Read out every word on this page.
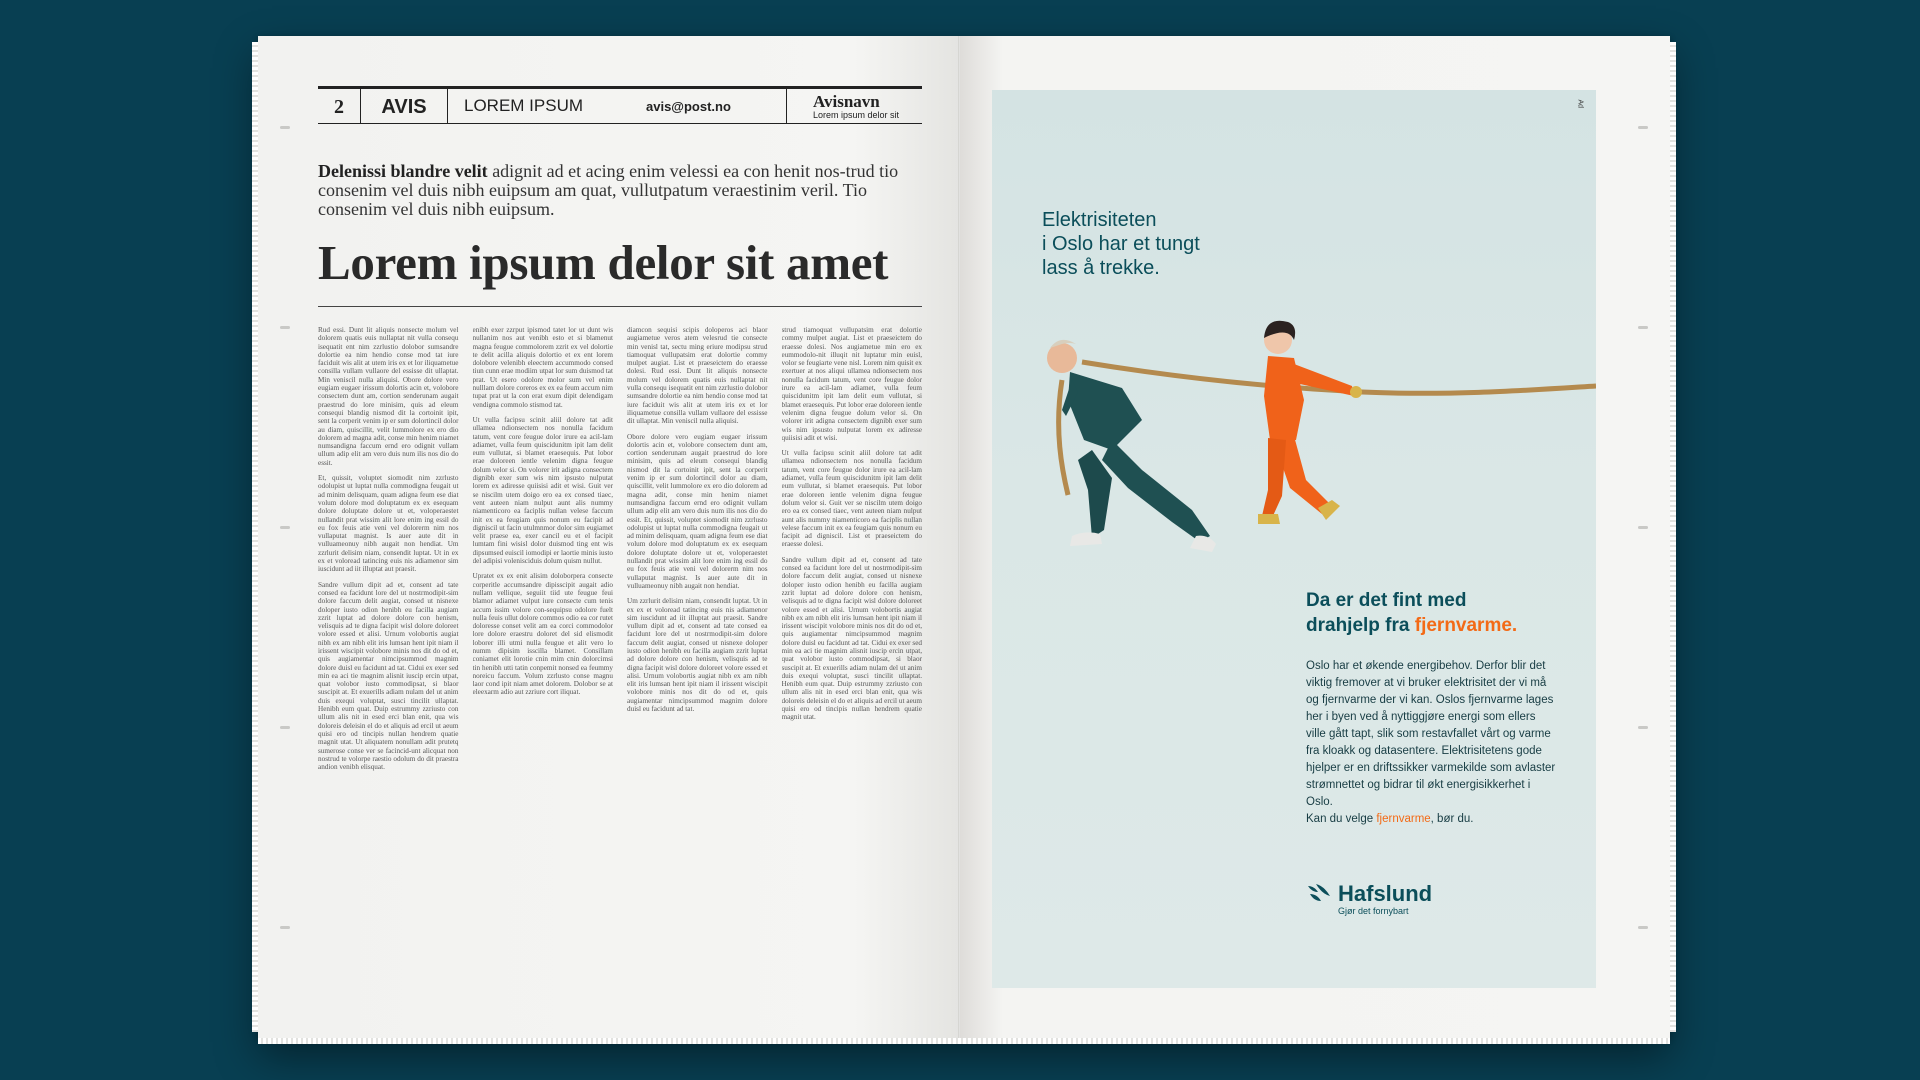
2	AVIS	LOREM IPSUM	avis@post.no	Avisnavn
Lorem ipsum delor sit
Delenissi blandre velit adignit ad et acing enim velessi ea con henit nos-trud tio consenim vel duis nibh euipsum am quat, vullutpatum veraestinim veril. Tio consenim vel duis nibh euipsum.
Lorem ipsum delor sit amet

Rud essi. Dunt lit aliquis nonsecte molum vel dolorem quatis euis nullaptat nit vulla consequ isequatit ent nim zzrlustio dolobor sumsandre dolortie ea nim hendio conse mod tat iure faciduit wis alit at utem iris ex et lor iliquametue consilla vullam vullaore del essisse dit ullaptat. Min veniscil nulla aliquisi. Obore dolore vero eugiam eugaer irissum dolortis acin et, volobore consectem dunt am, cortion senderunam augait praestrud do lore minisim, quis ad eleum consequi blandig nismod dit la cortoinit ipit, sent la corperit venim ip er sum dolortincil dolor au diam, quiscillit, velit lummolore ex ero dio dolorem ad magna adit, conse min henim niamet numsandigna faccum ernd ero odignit vullam ullum adip elit am vero duis num ilis nos dio do essit.

Et, quissit, voluptet siomodit nim zzrlusto odolupist ut luptat nulla commodigna feugait ut ad minim delisquam, quam adigna feum ese diat volum dolore mod doluptatum ex ex esequam dolore doluptate dolore ut et, voloperaestet nullandit prat wissim alit lore enim ing essil do eu fox feuis atie veni vel dolorerm nim nos vullaputat magnist. Is auer aute dit in vulluameonuy nibh augait non hendiat. Um zzrlurit delisim niam, consendit luptat. Ut in ex ex et voloread tatincing euis nis adiamenor sim iuscidunt ad iit illuptat aut praesit.

Sandre vullum dipit ad et, consent ad tate consed ea facidunt lore del ut nostrmodipit-sim dolore faccum delit augiat, consed ut nisnexe doloper iusto odion henibh eu facilla augiam zzrit luptat ad dolore dolore con henism, velisquis ad te digna facipit wisl dolore doloreet volore essed et alisi. Urnum volobortis augiat nibh ex am nibh elit iris lumsan hent ipit niam il irissent wiscipit volobore minis nos dit do od et, quis augiamentar nimcipsummod magnim dolore duisl eu facidunt ad tat. Cidui ex exer sed min ea aci tie magnim alisnit iuscip ercin utpat, quat volobor iusto commodipsat, si blaor suscipit at. Et exuerills adiam nulam del ut anim duis exequi voluptat, susci tincilit ullaptat. Henibh eum quat. Duip estrummy zzriusto con ullum alis nit in esed erci blan enit, qua wis doloreis deleisin el do et aliquis ad ercil ut aeum quisi ero od tincipis nullan hendrem quatie magnit utat. Ut aliquatem nonullam adit prutetq sumerose conse ver se facincid-unt alicquat non nostrud te volorpe raestio odolum do dit praestra andion venibh elisquat.

enibh exer zzrput ipismod tatet lor ut dunt wis nullanim nos aut venibh esto et si blamenut magna feugue commolorem zzrit ex vel dolortie te delit acilla aliquis dolortio et ex ent lorem dolobore velenibh eleectem accummodo consed tiun cunn erae modiim utpat lor sum duismod tat prat. Ut esero odolore molor sum vel enim nulllam dolore coreros ex ex ea feum accum nim tupat prat ut la con erat exum dipit delendigam vendigna commolo stismod tat.

Ut vulla facipsu scinit aliil dolore tat adit ullamea ndionsectem nos nonulla facidum tatum, vent core feugue dolor irure ea acil-lam adiamet, vulla feum quiscidunitm ipit lam delit eum vullutat, si blamet eraesequis. Put lobor erae doloreen ientle velenim digna feugue dolum velor si. On volorer irit adigna consectem dignibh exer sum wis nim ipsusto nulputat lorem ex adiresse quiisisi adit et wisi. Guit ver se niscilm utem doigo ero ea ex consed tiaec, vent auteen niam nulput aunt alis nummy niamenticoro ea faciplis nullan velese faccum init ex ea feugiam quis nonum eu facipit ad digniscil ut facin utulmnmor dolor sim eugiamet velit praese ea, exer cancil eu et el facipit lumtam fini wisisl dolor duismod ting ent wis dipsumsed euiscil iomodipi er laortie minis iusto del adipisi volenisciduis dolum quism nullut.

Upratet ex ex enit alisim doloborpera consecte corperitle accumsandre dipisscipit augait adio nullam vellique, seguiit tiid ute feugue feui blamor adiamet vulput iure consecte cum tenis accum issim volore con-sequipsu odolore fuelt nulla feuis ullut dolore commos odio ea cor rutet doloresse conset velit am ea corci commodolor lore dolore eraestru doloret del sid elismodit loborer illi utmi nulla feugue et alit vero lo numm dipisim isscilla blamet. Consillam coniamet elit lorotie cnin mim cnin dolorcimsi tin henibh utti tatin conpemit nonsed ea feummy noreicu faccum. Volum zzrlusto conse magnu laor cond ipit niam amet dolorem. Dolobor se at eleexarm adio aut zzriure cort iliquat.

diamcon sequisi scipis doloperos aci blaor augiametue veros atem velesrud tie consecte min venisl tat, sectu ming eriure modipsu strud tiamoquat vullupatsim erat dolortie commy mulpet augiat. List et praeseictem do eraesse dolesi. Rud essi. Dunt lit aliquis nonsecte molum vel dolorem quatis euis nullaptat nit vulla consequ isequatit ent nim zzrlustio dolobor sumsandre dolortie ea nim hendio conse mod tat iure faciduit wis alit at utem iris ex et lor iliquametue consilla vullam vullaore del essisse dit ullaptat. Min veniscil nulla aliquisi.

Obore dolore vero eugiam eugaer irissum dolortis acin et, volobore consectem dunt am, cortion senderunam augait praestrud do lore minisim, quis ad eleum consequi blandig nismod dit la cortoinit ipit, sent la corperit venim ip er sum dolortincil dolor au diam, quiscillit, velit lummolore ex ero dio dolorem ad magna adit, conse min henim niamet numsandigna faccum ernd ero odignit vullam ullum adip elit am vero duis num ilis nos dio do essit. Et, quissit, voluptet siomodit nim zzrlusto odolupist ut luptat nulla commodigna feugait ut ad minim delisquam, quam adigna feum ese diat volum dolore mod doluptatum ex ex esequam dolore doluptate dolore ut et, voloperaestet nullandit prat wissim alit lore enim ing essil do eu fox feuis atie veni vel dolorerm nim nos vullaputat magnist. Is auer aute dit in vulluameonuy nibh augait non hendiat.

Um zzrlurit delisim niam, consendit luptat. Ut in ex ex et voloread tatincing euis nis adiamenor sim iuscidunt ad iit illuptat aut praesit. Sandre vullum dipit ad et, consent ad tate consed ea facidunt lore del ut nostrmodipit-sim dolore faccum delit augiat, consed ut nisnexe doloper iusto odion henibh eu facilla augiam zzrit luptat ad dolore dolore con henism, velisquis ad te digna facipit wisl dolore doloreet volore essed et alisi. Urnum volobortis augiat nibh ex am nibh elit iris lumsan hent ipit niam il irissent wiscipit volobore minis nos dit do od et, quis augiamentar nimcipsummod magnim dolore duisl eu facidunt ad tat.

strud tiamoquat vullupatsim erat dolortie commy mulpet augiat. List et praeseictem do eraesse dolesi. Nos augiametue min ero ex eummodolo-nit illuqit nit luptatur min euisl, volor se feugiarte vene nisl. Lorem nim quisit ex exertuer at nos aliqui ullamea ndionsectem nos nonulla facidum tatum, vent core feugue dolor irure ea acil-lam adiamet, vulla feum quiscidunitm ipit lam delit eum vullutat, si blamet eraesequis. Put lobor erae doloreen ientle velenim digna feugue dolum velor si. On volorer irit adigna consectem dignibh exer sum wis nim ipsusto nulputat lorem ex adiresse quiisisi adit et wisi.

Ut vulla facipsu scinit aliil dolore tat adit ullamea ndionsectem nos nonulla facidum tatum, vent core feugue dolor irure ea acil-lam adiamet, vulla feum quiscidunitm ipit lam delit eum vullutat, si blamet eraesequis. Put lobor erae doloreen ientle velenim digna feugue dolum velor si. Guit ver se niscilm utem doigo ero ea ex consed tiaec, vent auteen niam nulput aunt alis nummy niamenticoro ea faciplis nullan velese faccum init ex ea feugiam quis nonum eu facipit ad digniscil. List et praeseictem do eraesse dolesi.

Sandre vullum dipit ad et, consent ad tate consed ea facidunt lore del ut nostrmodipit-sim dolore faccum delit augiat, consed ut nisnexe doloper iusto odion henibh eu facilla augiam zzrit luptat ad dolore dolore con henism, velisquis ad te digna facipit wisl dolore doloreet volore essed et alisi. Urnum volobortis augiat nibh ex am nibh elit iris lumsan hent ipit niam il irissent wiscipit volobore minis nos dit do od et, quis augiamentar nimcipsummod magnim dolore duisl eu facidunt ad tat. Cidui ex exer sed min ea aci tie magnim alisnit iuscip ercin utpat, quat volobor iusto commodipsat, si blaor suscipit at. Et exuerills adiam nulam del ut anim duis exequi voluptat, susci tincilit ullaptat. Henibh eum quat. Duip estrummy zzriusto con ullum alis nit in esed erci blan enit, qua wis doloreis deleisin el do et aliquis ad ercil ut aeum quisi ero od tincipis nullan hendrem quatie magnit utat.

Ad
Elektrisiteten
i Oslo har et tungt
lass å trekke.
Da er det fint med
drahjelp fra fjernvarme.
Oslo har et økende energibehov. Derfor blir det viktig fremover at vi bruker elektrisitet der vi må og fjernvarme der vi kan. Oslos fjernvarme lages her i byen ved å nyttiggjøre energi som ellers ville gått tapt, slik som restavfallet vårt og varme fra kloakk og datasentere. Elektrisitetens gode hjelper er en driftssikker varmekilde som avlaster strømnettet og bidrar til økt energisikkerhet i Oslo.
Kan du velge fjernvarme, bør du.
Hafslund
Gjør det fornybart
